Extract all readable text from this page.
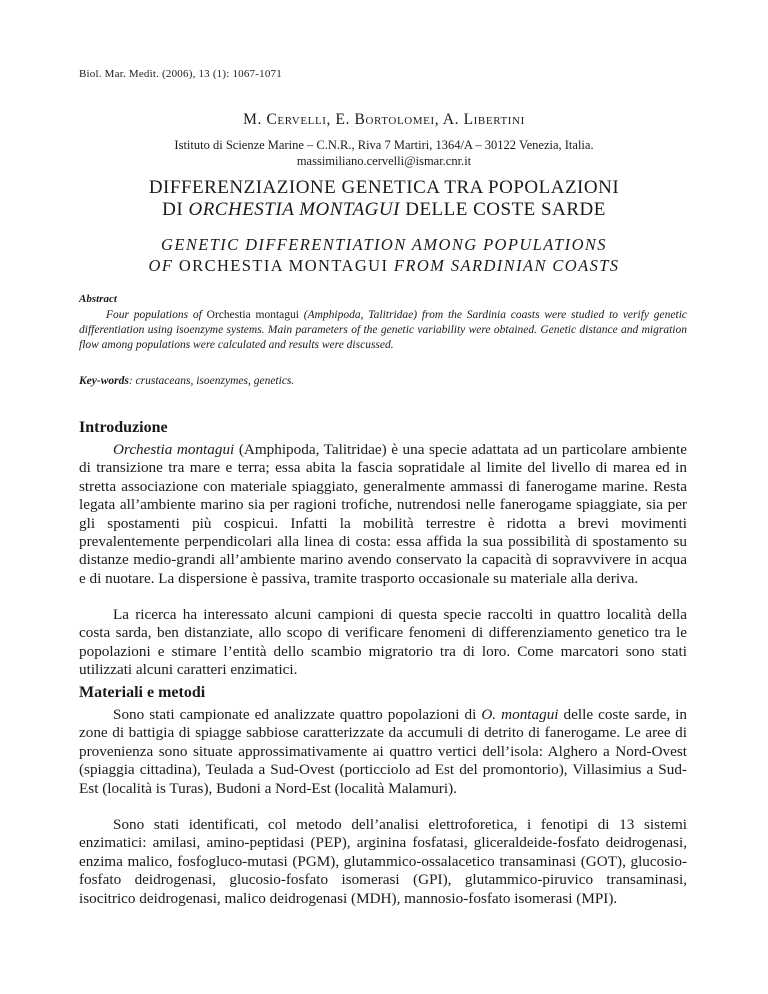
Biol. Mar. Medit. (2006), 13 (1): 1067-1071
M. Cervelli, E. Bortolomei, A. Libertini
Istituto di Scienze Marine – C.N.R., Riva 7 Martiri, 1364/A – 30122 Venezia, Italia.
massimiliano.cervelli@ismar.cnr.it
DIFFERENZIAZIONE GENETICA TRA POPOLAZIONI
DI ORCHESTIA MONTAGUI DELLE COSTE SARDE
GENETIC DIFFERENTIATION AMONG POPULATIONS
OF ORCHESTIA MONTAGUI FROM SARDINIAN COASTS
Abstract

Four populations of Orchestia montagui (Amphipoda, Talitridae) from the Sardinia coasts were studied to verify genetic differentiation using isoenzyme systems. Main parameters of the genetic variability were obtained. Genetic distance and migration flow among populations were calculated and results were discussed.

Key-words: crustaceans, isoenzymes, genetics.
Introduzione

Orchestia montagui (Amphipoda, Talitridae) è una specie adattata ad un particolare ambiente di transizione tra mare e terra; essa abita la fascia sopratidale al limite del livello di marea ed in stretta associazione con materiale spiaggiato, generalmente ammassi di fanerogame marine. Resta legata all’ambiente marino sia per ragioni trofiche, nutrendosi nelle fanerogame spiaggiate, sia per gli spostamenti più cospicui. Infatti la mobilità terrestre è ridotta a brevi movimenti prevalentemente perpendicolari alla linea di costa: essa affida la sua possibilità di spostamento su distanze medio-grandi all’ambiente marino avendo conservato la capacità di sopravvivere in acqua e di nuotare. La dispersione è passiva, tramite trasporto occasionale su materiale alla deriva.

La ricerca ha interessato alcuni campioni di questa specie raccolti in quattro località della costa sarda, ben distanziate, allo scopo di verificare fenomeni di differenziamento genetico tra le popolazioni e stimare l’entità dello scambio migratorio tra di loro. Come marcatori sono stati utilizzati alcuni caratteri enzimatici.

Materiali e metodi

Sono stati campionate ed analizzate quattro popolazioni di O. montagui delle coste sarde, in zone di battigia di spiagge sabbiose caratterizzate da accumuli di detrito di fanerogame. Le aree di provenienza sono situate approssimativamente ai quattro vertici dell’isola: Alghero a Nord-Ovest (spiaggia cittadina), Teulada a Sud-Ovest (porticciolo ad Est del promontorio), Villasimius a Sud-Est (località is Turas), Budoni a Nord-Est (località Malamuri).

Sono stati identificati, col metodo dell’analisi elettroforetica, i fenotipi di 13 sistemi enzimatici: amilasi, amino-peptidasi (PEP), arginina fosfatasi, gliceraldeide-fosfato deidrogenasi, enzima malico, fosfogluco-mutasi (PGM), glutammico-ossalacetico transaminasi (GOT), glucosio-fosfato deidrogenasi, glucosio-fosfato isomerasi (GPI), glutammico-piruvico transaminasi, isocitrico deidrogenasi, malico deidrogenasi (MDH), mannosio-fosfato isomerasi (MPI).
